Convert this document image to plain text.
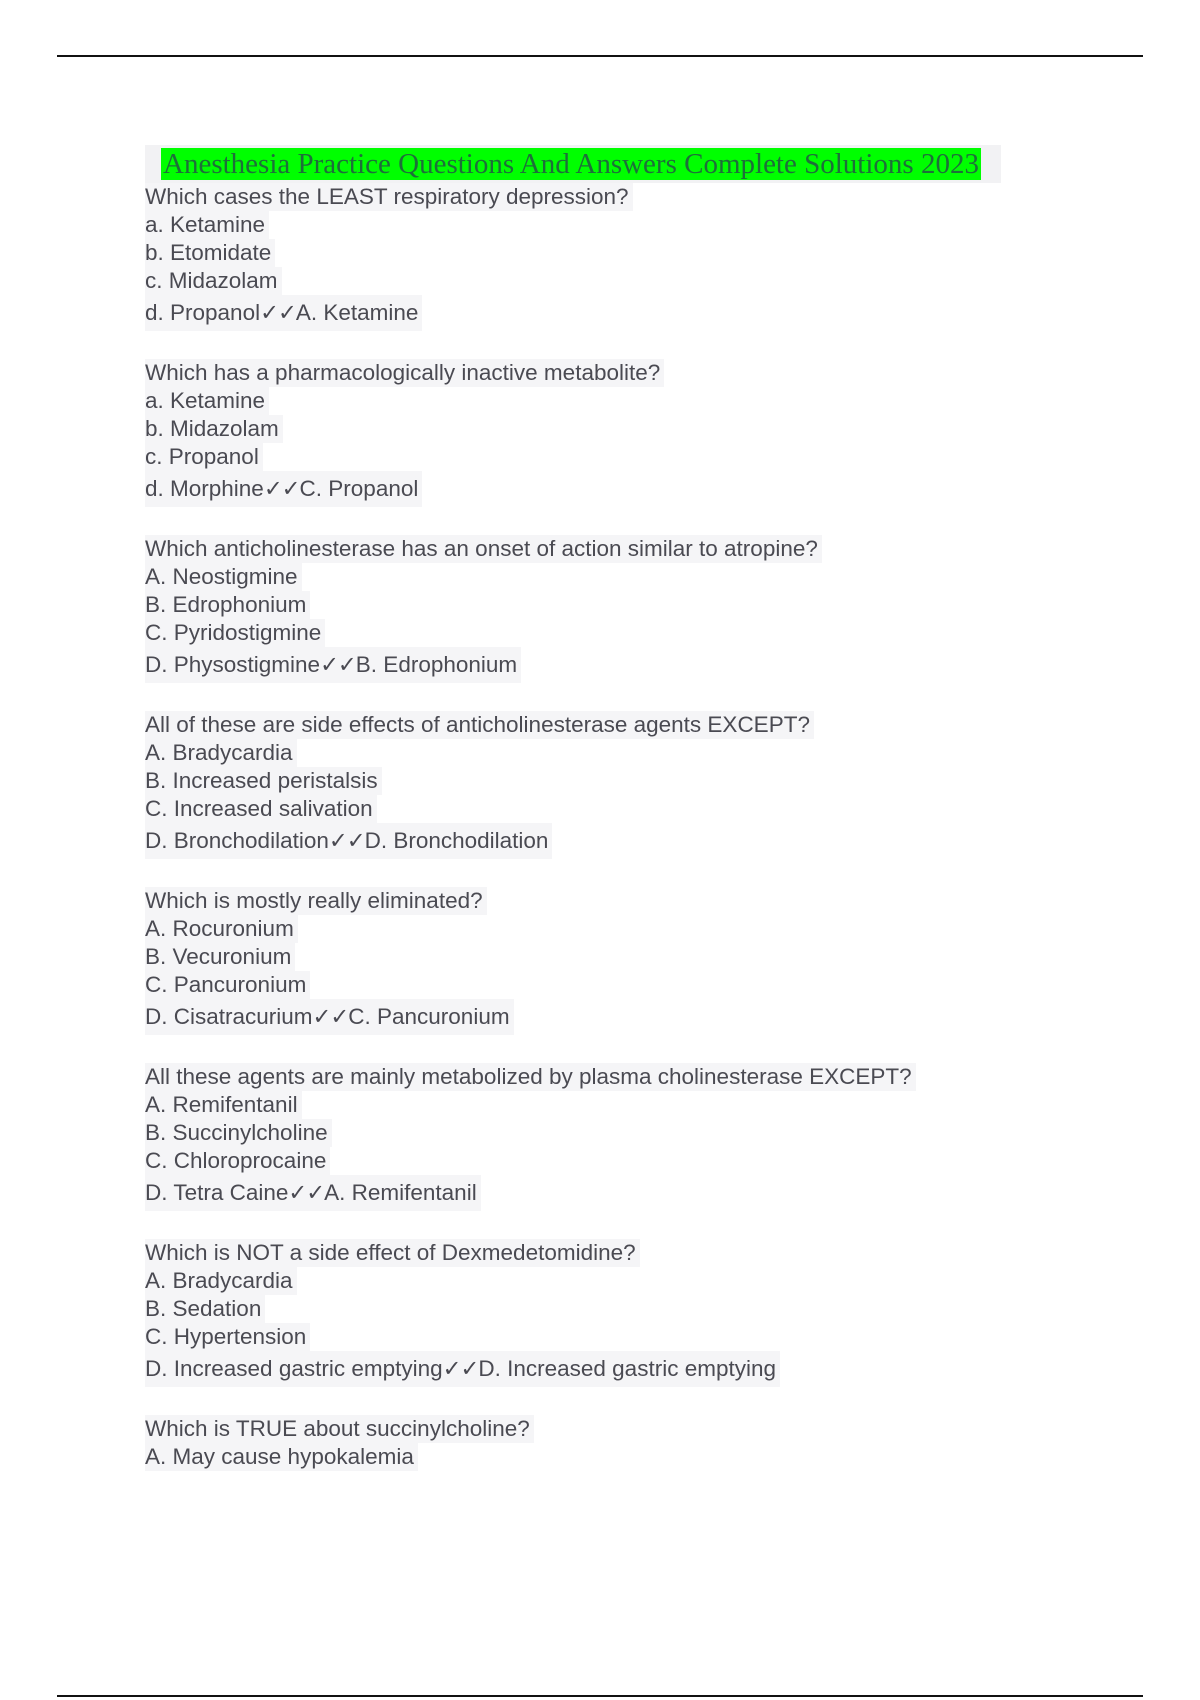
Anesthesia Practice Questions And Answers Complete Solutions 2023
Which cases the LEAST respiratory depression?
a. Ketamine
b. Etomidate
c. Midazolam
d. Propanol✓✓A. Ketamine
Which has a pharmacologically inactive metabolite?
a. Ketamine
b. Midazolam
c. Propanol
d. Morphine✓✓C. Propanol
Which anticholinesterase has an onset of action similar to atropine?
A. Neostigmine
B. Edrophonium
C. Pyridostigmine
D. Physostigmine✓✓B. Edrophonium
All of these are side effects of anticholinesterase agents EXCEPT?
A. Bradycardia
B. Increased peristalsis
C. Increased salivation
D. Bronchodilation✓✓D. Bronchodilation
Which is mostly really eliminated?
A. Rocuronium
B. Vecuronium
C. Pancuronium
D. Cisatracurium✓✓C. Pancuronium
All these agents are mainly metabolized by plasma cholinesterase EXCEPT?
A. Remifentanil
B. Succinylcholine
C. Chloroprocaine
D. Tetra Caine✓✓A. Remifentanil
Which is NOT a side effect of Dexmedetomidine?
A. Bradycardia
B. Sedation
C. Hypertension
D. Increased gastric emptying✓✓D. Increased gastric emptying
Which is TRUE about succinylcholine?
A. May cause hypokalemia
